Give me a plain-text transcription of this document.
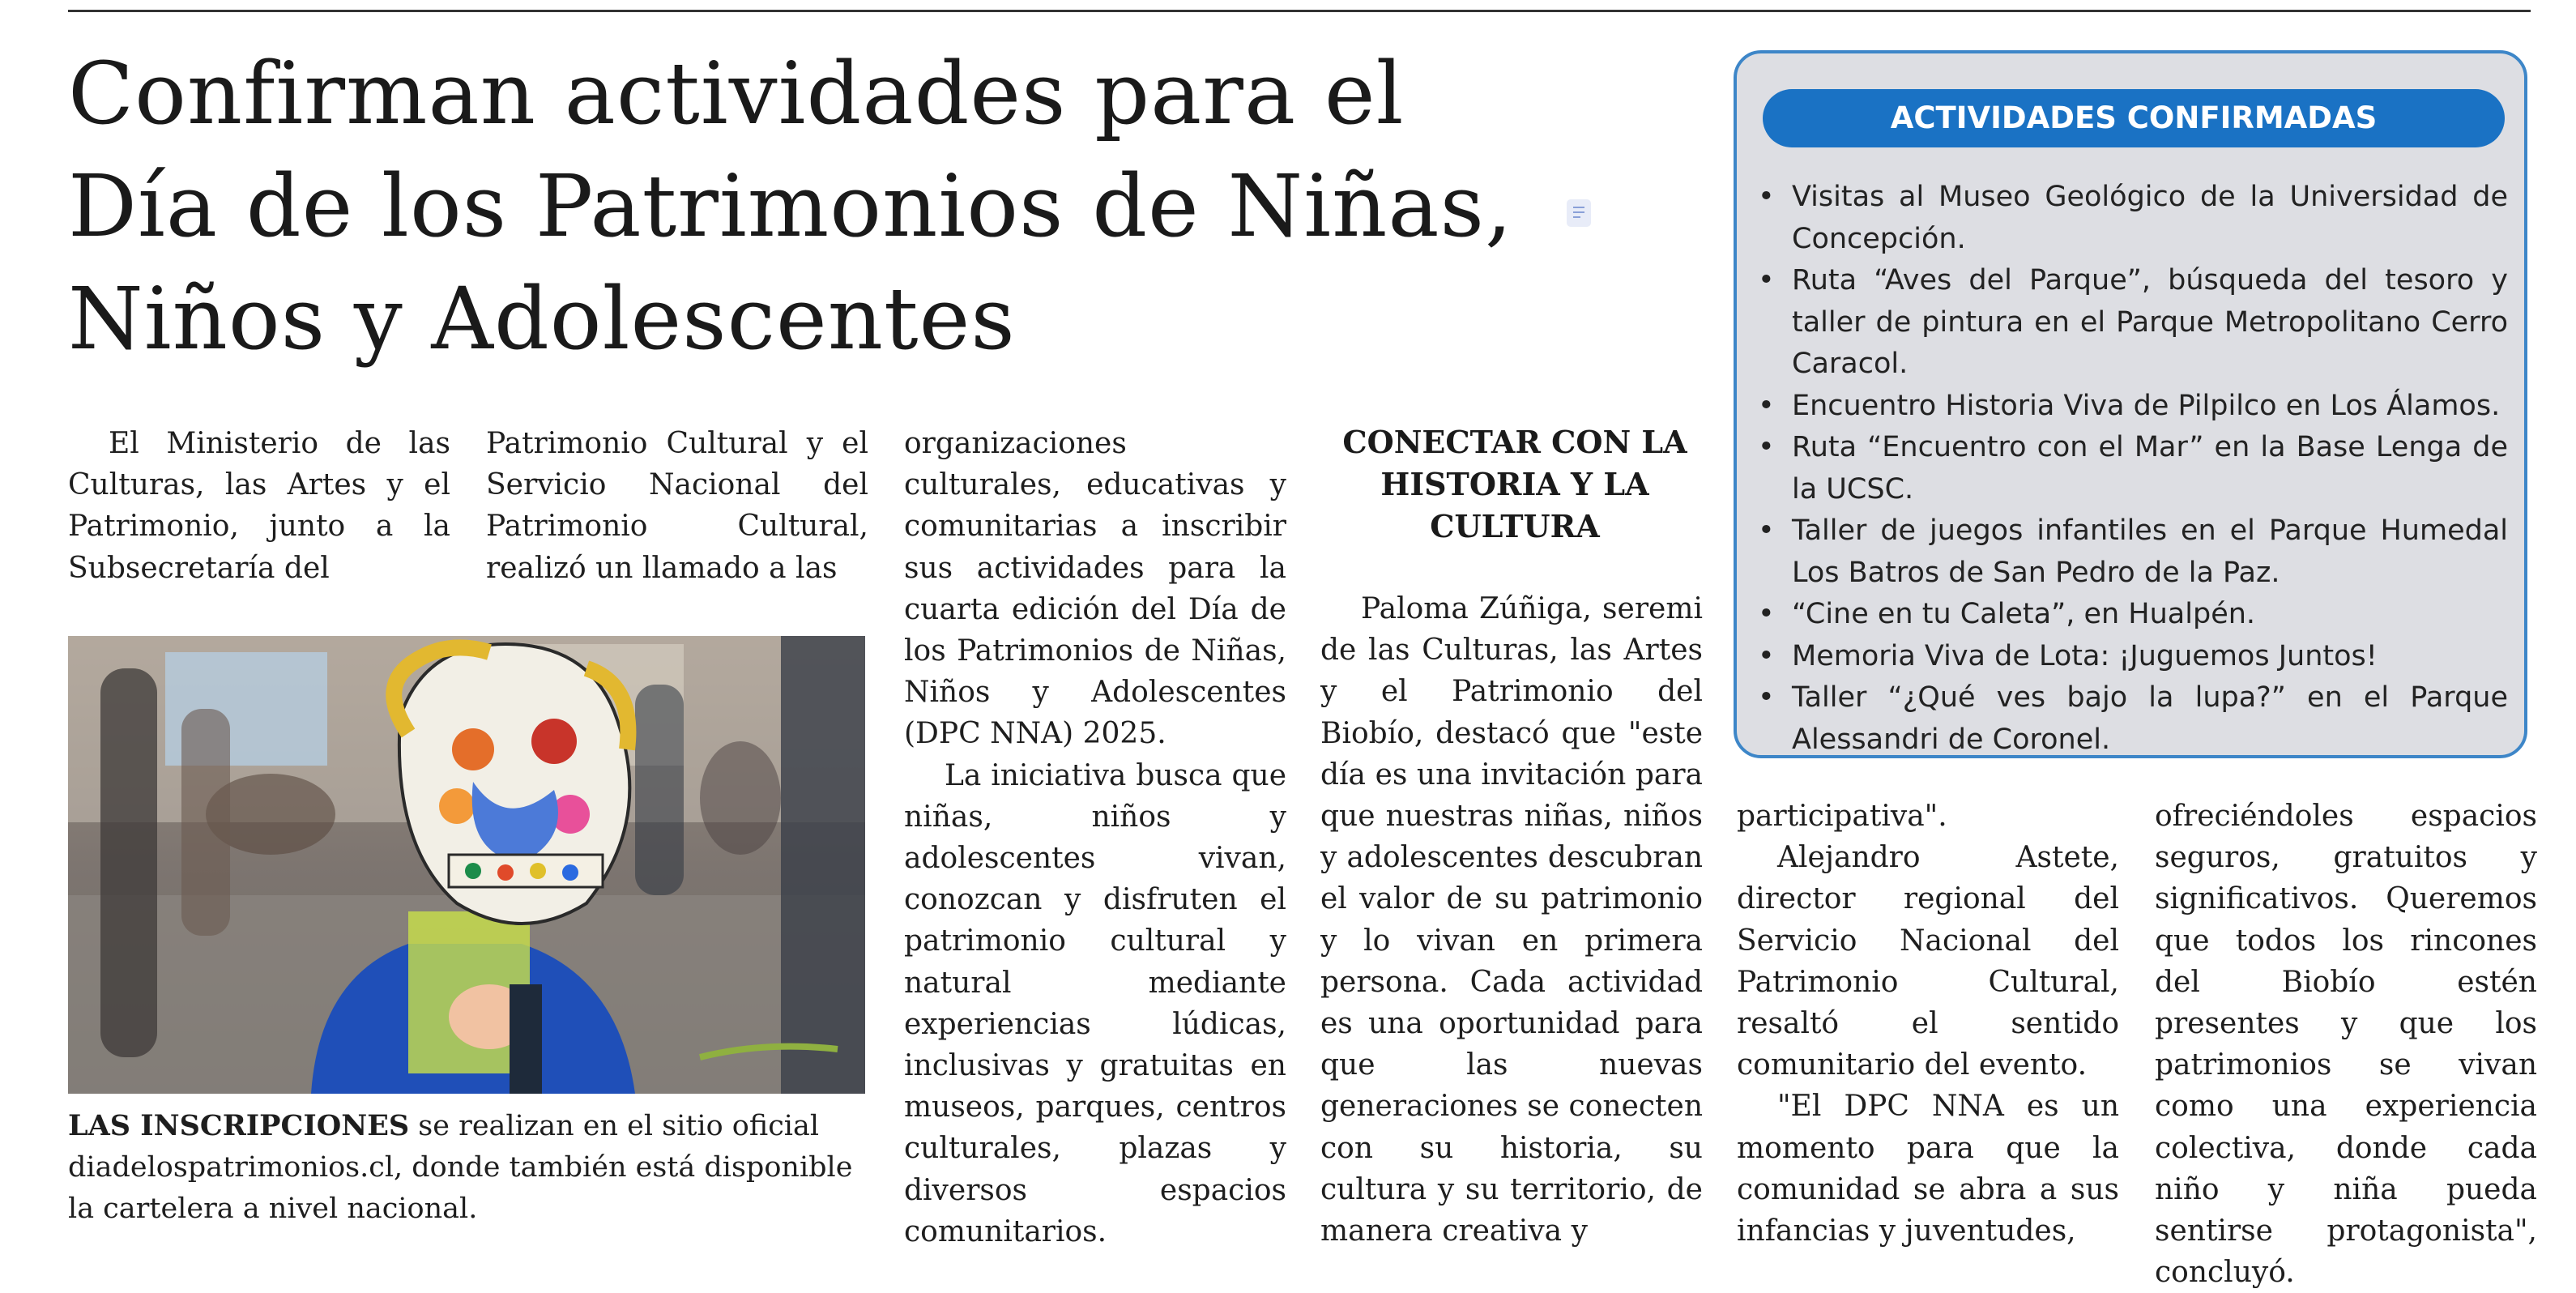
Confirman actividades para el Día de los Patrimonios de Niñas, Niños y Adolescentes

El Ministerio de las Culturas, las Artes y el Patrimonio, junto a la Subsecretaría del

Patrimonio Cultural y el Servicio Nacional del Patrimonio Cultural, realizó un llamado a las

LAS INSCRIPCIONES se realizan en el sitio oficial diadelospatrimonios.cl, donde también está disponible la cartelera a nivel nacional.

organizaciones culturales, educativas y comunitarias a inscribir sus actividades para la cuarta edición del Día de los Patrimonios de Niñas, Niños y Adolescentes (DPC NNA) 2025.

La iniciativa busca que niñas, niños y adolescentes vivan, conozcan y disfruten el patrimonio cultural y natural mediante experiencias lúdicas, inclusivas y gratuitas en museos, parques, centros culturales, plazas y diversos espacios comunitarios.

CONECTAR CON LA HISTORIA Y LA CULTURA

Paloma Zúñiga, seremi de las Culturas, las Artes y el Patrimonio del Biobío, destacó que "este día es una invitación para que nuestras niñas, niños y adolescentes descubran el valor de su patrimonio y lo vivan en primera persona. Cada actividad es una oportunidad para que las nuevas generaciones se conecten con su historia, su cultura y su territorio, de manera creativa y

participativa".

Alejandro Astete, director regional del Servicio Nacional del Patrimonio Cultural, resaltó el sentido comunitario del evento.

"El DPC NNA es un momento para que la comunidad se abra a sus infancias y juventudes,

ofreciéndoles espacios seguros, gratuitos y significativos. Queremos que todos los rincones del Biobío estén presentes y que los patrimonios se vivan como una experiencia colectiva, donde cada niño y niña pueda sentirse protagonista", concluyó.

ACTIVIDADES CONFIRMADAS
• Visitas al Museo Geológico de la Universidad de Concepción.
• Ruta “Aves del Parque”, búsqueda del tesoro y taller de pintura en el Parque Metropolitano Cerro Caracol.
• Encuentro Historia Viva de Pilpilco en Los Álamos.
• Ruta “Encuentro con el Mar” en la Base Lenga de la UCSC.
• Taller de juegos infantiles en el Parque Humedal Los Batros de San Pedro de la Paz.
• “Cine en tu Caleta”, en Hualpén.
• Memoria Viva de Lota: ¡Juguemos Juntos!
• Taller “¿Qué ves bajo la lupa?” en el Parque Alessandri de Coronel.
